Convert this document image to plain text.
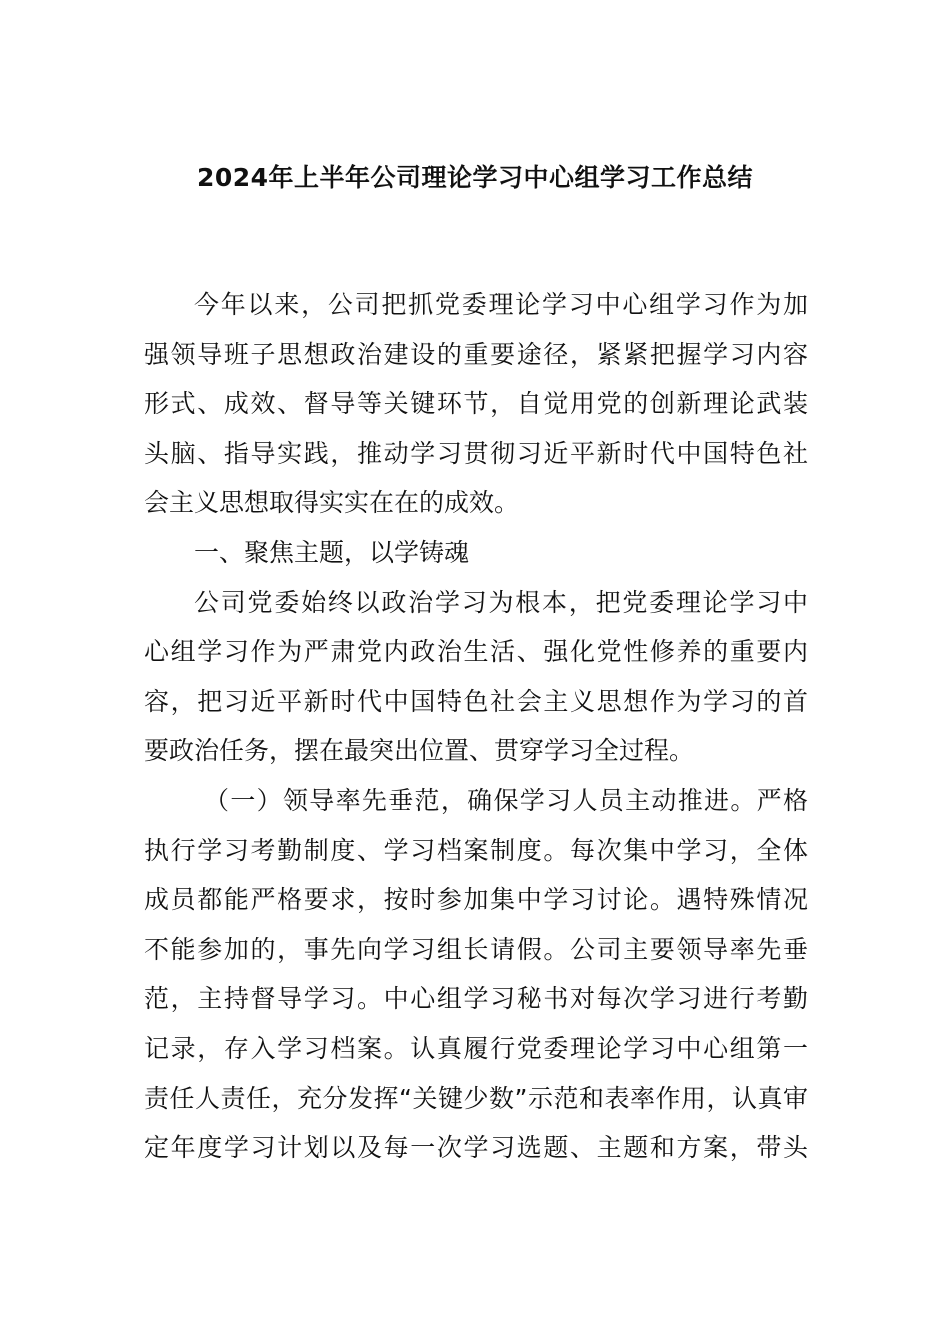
2024年上半年公司理论学习中心组学习工作总结
今年以来，公司把抓党委理论学习中心组学习作为加
强领导班子思想政治建设的重要途径，紧紧把握学习内容
形式、成效、督导等关键环节，自觉用党的创新理论武装
头脑、指导实践，推动学习贯彻习近平新时代中国特色社
会主义思想取得实实在在的成效。
一、聚焦主题，以学铸魂
公司党委始终以政治学习为根本，把党委理论学习中
心组学习作为严肃党内政治生活、强化党性修养的重要内
容，把习近平新时代中国特色社会主义思想作为学习的首
要政治任务，摆在最突出位置、贯穿学习全过程。
（一）领导率先垂范，确保学习人员主动推进。严格
执行学习考勤制度、学习档案制度。每次集中学习，全体
成员都能严格要求，按时参加集中学习讨论。遇特殊情况
不能参加的，事先向学习组长请假。公司主要领导率先垂
范，主持督导学习。中心组学习秘书对每次学习进行考勤
记录，存入学习档案。认真履行党委理论学习中心组第一
责任人责任，充分发挥“关键少数”示范和表率作用，认真审
定年度学习计划以及每一次学习选题、主题和方案，带头
